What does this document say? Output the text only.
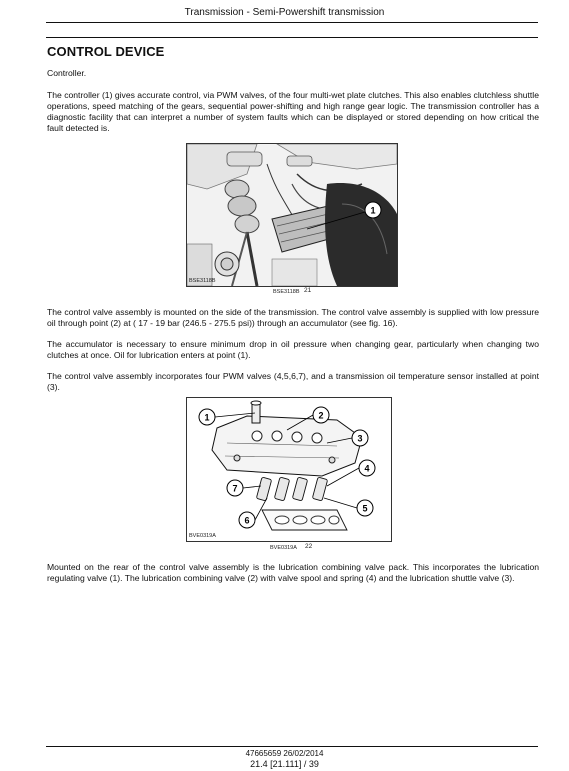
Transmission - Semi-Powershift transmission
CONTROL DEVICE
Controller.
The controller (1) gives accurate control, via PWM valves, of the four multi-wet plate clutches. This also enables clutchless shuttle operations, speed matching of the gears, sequential power-shifting and high range gear logic. The transmission controller has a diagnostic facility that can interpret a number of system faults which can be displayed or stored depending on how critical the fault detected is.
1
BSE3118B
BSE3118B 21
The control valve assembly is mounted on the side of the transmission. The control valve assembly is supplied with low pressure oil through point (2) at ( 17 - 19 bar (246.5 - 275.5 psi)) through an accumulator (see fig. 16).
The accumulator is necessary to ensure minimum drop in oil pressure when changing gear, particularly when changing two clutches at once. Oil for lubrication enters at point (1).
The control valve assembly incorporates four PWM valves (4,5,6,7), and a transmission oil temperature sensor installed at point (3).
1	2
3
4
5
6
7
BVE0319A
BVE0319A 22
Mounted on the rear of the control valve assembly is the lubrication combining valve pack. This incorporates the lubrication regulating valve (1). The lubrication combining valve (2) with valve spool and spring (4) and the lubrication shuttle valve (3).
47665659 26/02/2014
21.4 [21.111] / 39
